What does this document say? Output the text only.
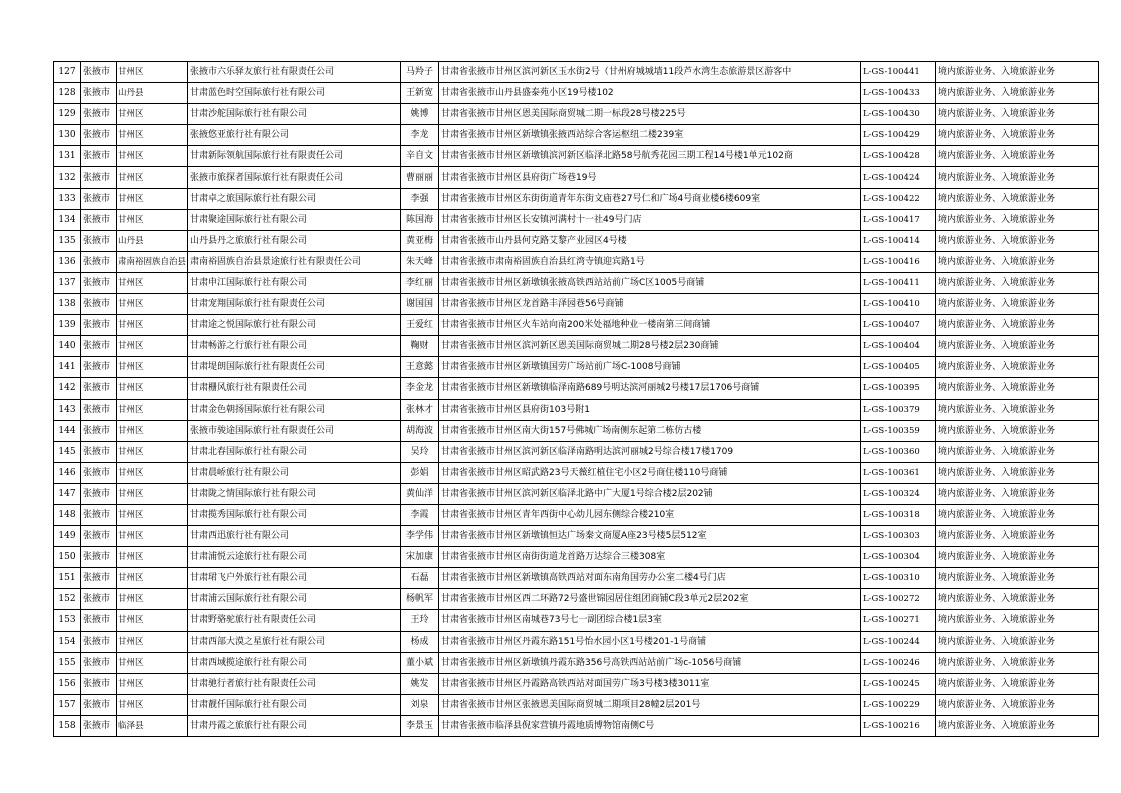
127	张掖市	甘州区	张掖市六乐驿友旅行社有限责任公司	马羚子	甘肃省张掖市甘州区滨河新区玉水街2号（甘州府城城墙11段芦水湾生态旅游景区游客中	L-GS-100441	境内旅游业务、入境旅游业务
128	张掖市	山丹县	甘肃蓝色时空国际旅行社有限公司	王新宽	甘肃省张掖市山丹县盛泰苑小区19号楼102	L-GS-100433	境内旅游业务、入境旅游业务
129	张掖市	甘州区	甘肃沙舵国际旅行社有限公司	姚博	甘肃省张掖市甘州区恩美国际商贸城二期一标段28号楼225号	L-GS-100430	境内旅游业务、入境旅游业务
130	张掖市	甘州区	张掖悠亚旅行社有限公司	李龙	甘肃省张掖市甘州区新墩镇张掖西站综合客运枢纽二楼239室	L-GS-100429	境内旅游业务、入境旅游业务
131	张掖市	甘州区	甘肃新际领航国际旅行社有限责任公司	辛自文	甘肃省张掖市甘州区新墩镇滨河新区临泽北路58号航秀花园三期工程14号楼1单元102商	L-GS-100428	境内旅游业务、入境旅游业务
132	张掖市	甘州区	张掖市旅探者国际旅行社有限责任公司	曹丽丽	甘肃省张掖市甘州区县府街广场巷19号	L-GS-100424	境内旅游业务、入境旅游业务
133	张掖市	甘州区	甘肃卓之旅国际旅行社有限公司	李强	甘肃省张掖市甘州区东街街道青年东街文庙巷27号仁和广场4号商业楼6楼609室	L-GS-100422	境内旅游业务、入境旅游业务
134	张掖市	甘州区	甘肃聚途国际旅行社有限公司	陈国海	甘肃省张掖市甘州区长安镇河满村十一社49号门店	L-GS-100417	境内旅游业务、入境旅游业务
135	张掖市	山丹县	山丹县丹之旅旅行社有限公司	黄亚梅	甘肃省张掖市山丹县何克路艾黎产业园区4号楼	L-GS-100414	境内旅游业务、入境旅游业务
136	张掖市	肃南裕固族自治县	肃南裕固族自治县景途旅行社有限责任公司	朱天峰	甘肃省张掖市肃南裕固族自治县红湾寺镇迎宾路1号	L-GS-100416	境内旅游业务、入境旅游业务
137	张掖市	甘州区	甘肃申江国际旅行社有限公司	李红丽	甘肃省张掖市甘州区新墩镇张掖高铁西站站前广场C区1005号商铺	L-GS-100411	境内旅游业务、入境旅游业务
138	张掖市	甘州区	甘肃宠翔国际旅行社有限责任公司	谢国国	甘肃省张掖市甘州区龙首路丰泽园巷56号商铺	L-GS-100410	境内旅游业务、入境旅游业务
139	张掖市	甘州区	甘肃途之悦国际旅行社有限公司	王爱红	甘肃省张掖市甘州区火车站向南200米处福地种业一楼南第三间商铺	L-GS-100407	境内旅游业务、入境旅游业务
140	张掖市	甘州区	甘肃畅游之行旅行社有限公司	鞠财	甘肃省张掖市甘州区滨河新区恩美国际商贸城二期28号楼2层230商铺	L-GS-100404	境内旅游业务、入境旅游业务
141	张掖市	甘州区	甘肃堤朗国际旅行社有限责任公司	王意懿	甘肃省张掖市甘州区新墩镇国劳广场站前广场C-1008号商铺	L-GS-100405	境内旅游业务、入境旅游业务
142	张掖市	甘州区	甘肃栅风旅行社有限责任公司	李金龙	甘肃省张掖市甘州区新墩镇临泽南路689号明达滨河丽城2号楼17层1706号商铺	L-GS-100395	境内旅游业务、入境旅游业务
143	张掖市	甘州区	甘肃金色朝扬国际旅行社有限公司	张林才	甘肃省张掖市甘州区县府街103号附1	L-GS-100379	境内旅游业务、入境旅游业务
144	张掖市	甘州区	张掖市骏途国际旅行社有限责任公司	胡海波	甘肃省张掖市甘州区南大街157号佛城广场南侧东起第二栋仿古楼	L-GS-100359	境内旅游业务、入境旅游业务
145	张掖市	甘州区	甘肃北春国际旅行社有限公司	吴玲	甘肃省张掖市甘州区滨河新区临泽南路明达滨河丽城2号综合楼17楼1709	L-GS-100360	境内旅游业务、入境旅游业务
146	张掖市	甘州区	甘肃晨峤旅行社有限公司	彭娟	甘肃省张掖市甘州区昭武路23号天薇红植住宅小区2号商住楼110号商铺	L-GS-100361	境内旅游业务、入境旅游业务
147	张掖市	甘州区	甘肃陇之情国际旅行社有限公司	黄仙洋	甘肃省张掖市甘州区滨河新区临泽北路中广大厦1号综合楼2层202铺	L-GS-100324	境内旅游业务、入境旅游业务
148	张掖市	甘州区	甘肃揽秀国际旅行社有限公司	李霞	甘肃省张掖市甘州区青年西街中心幼儿园东侧综合楼210室	L-GS-100318	境内旅游业务、入境旅游业务
149	张掖市	甘州区	甘肃西迅旅行社有限公司	李学伟	甘肃省张掖市甘州区新墩镇恒达广场秦文商厦A座23号楼5层512室	L-GS-100303	境内旅游业务、入境旅游业务
150	张掖市	甘州区	甘肃浦悦云途旅行社有限公司	宋加康	甘肃省张掖市甘州区南街街道龙首路万达综合三楼308室	L-GS-100304	境内旅游业务、入境旅游业务
151	张掖市	甘州区	甘肃珺飞户外旅行社有限公司	石磊	甘肃省张掖市甘州区新墩镇高铁西站对面东南角国劳办公室二楼4号门店	L-GS-100310	境内旅游业务、入境旅游业务
152	张掖市	甘州区	甘肃浦云国际旅行社有限公司	杨帆军	甘肃省张掖市甘州区西二环路72号盛世锦园居住组团商铺C段3单元2层202室	L-GS-100272	境内旅游业务、入境旅游业务
153	张掖市	甘州区	甘肃野骆驼旅行社有限责任公司	王玲	甘肃省张掖市甘州区南城巷73号七一副团综合楼1层3室	L-GS-100271	境内旅游业务、入境旅游业务
154	张掖市	甘州区	甘肃西部大漠之星旅行社有限公司	杨成	甘肃省张掖市甘州区丹霞东路151号怡水园小区1号楼201-1号商铺	L-GS-100244	境内旅游业务、入境旅游业务
155	张掖市	甘州区	甘肃西域揽途旅行社有限公司	董小斌	甘肃省张掖市甘州区新墩镇丹霞东路356号高铁西站站前广场c-1056号商铺	L-GS-100246	境内旅游业务、入境旅游业务
156	张掖市	甘州区	甘肃驰行者旅行社有限责任公司	姚发	甘肃省张掖市甘州区丹霞路高铁西站对面国劳广场3号楼3楼3011室	L-GS-100245	境内旅游业务、入境旅游业务
157	张掖市	甘州区	甘肃靓仟国际旅行社有限公司	刘泉	甘肃省张掖市甘州区张掖恩美国际商贸城二期项目28幢2层201号	L-GS-100229	境内旅游业务、入境旅游业务
158	张掖市	临泽县	甘肃丹霞之旅旅行社有限公司	李景玉	甘肃省张掖市临泽县倪家营镇丹霞地质博物馆南侧C号	L-GS-100216	境内旅游业务、入境旅游业务
